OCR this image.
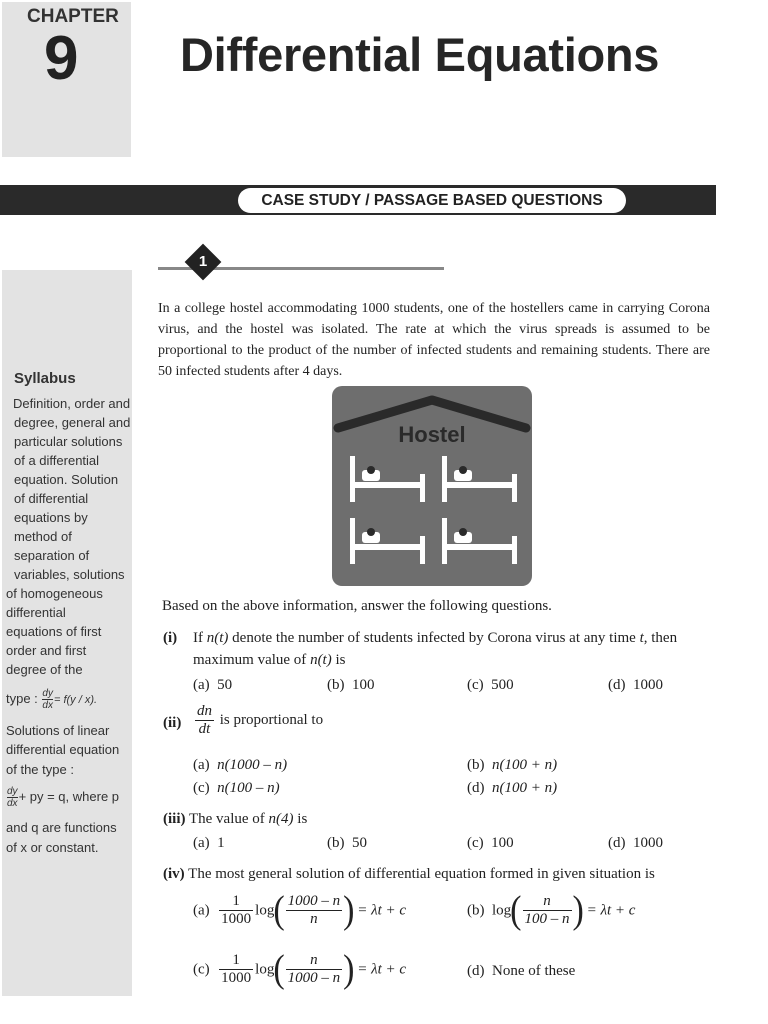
CHAPTER
9 Differential Equations
CASE STUDY / PASSAGE BASED QUESTIONS
1
Syllabus
Definition, order and
degree, general and
particular solutions
of a differential
equation. Solution
of differential
equations by
method of
separation of
variables, solutions
of homogeneous
differential
equations of first
order and first
degree of the
type : $\frac{dy}{dx} = f(y / x)$.
Solutions of linear
differential equation
of the type :
$\frac{dy}{dx}$ + py = q, where p
and q are functions
of x or constant.
In a college hostel accommodating 1000 students, one of the hostellers came in carrying Corona virus, and the hostel was isolated. The rate at which the virus spreads is assumed to be proportional to the product of the number of infected students and remaining students. There are 50 infected students after 4 days.
Hostel
Based on the above information, answer the following questions.
(i) If n(t) denote the number of students infected by Corona virus at any time t, then
maximum value of n(t) is
(a) 50	(b) 100	(c) 500	(d) 1000
$(ii) \frac{dn}{dt}$ is proportional to
(a) n(1000 – n)	(b) n(100 + n)
(c) n(100 – n)	(d) n(100 + n)
(iii) The value of n(4) is
(a) 1	(b) 50	(c) 100	(d) 1000
(iv) The most general solution of differential equation formed in given situation is
$(a) \frac{1}{1000} \log( \frac{1000 - n}{n}$ ) = λt + c	(b) $\log( \frac{n}{100 - n}$ ) = λt + c
$(c) \frac{1}{1000} \log( \frac{n}{1000 - n}$ ) = λt + c	(d) None of these
